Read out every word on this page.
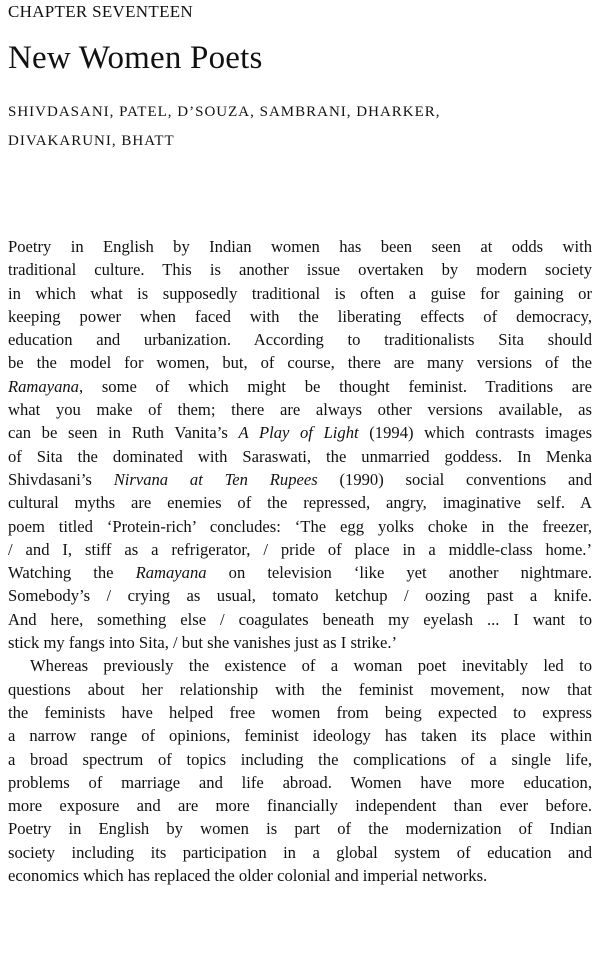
CHAPTER SEVENTEEN

New Women Poets

SHIVDASANI, PATEL, D’SOUZA, SAMBRANI, DHARKER, DIVAKARUNI, BHATT

Poetry in English by Indian women has been seen at odds with
traditional culture. This is another issue overtaken by modern society
in which what is supposedly traditional is often a guise for gaining or
keeping power when faced with the liberating effects of democracy,
education and urbanization. According to traditionalists Sita should
be the model for women, but, of course, there are many versions of the
Ramayana, some of which might be thought feminist. Traditions are
what you make of them; there are always other versions available, as
can be seen in Ruth Vanita’s A Play of Light (1994) which contrasts images
of Sita the dominated with Saraswati, the unmarried goddess. In Menka
Shivdasani’s Nirvana at Ten Rupees (1990) social conventions and
cultural myths are enemies of the repressed, angry, imaginative self. A
poem titled ‘Protein-rich’ concludes: ‘The egg yolks choke in the freezer,
/ and I, stiff as a refrigerator, / pride of place in a middle-class home.’
Watching the Ramayana on television ‘like yet another nightmare.
Somebody’s / crying as usual, tomato ketchup / oozing past a knife.
And here, something else / coagulates beneath my eyelash ... I want to
stick my fangs into Sita, / but she vanishes just as I strike.’
Whereas previously the existence of a woman poet inevitably led to
questions about her relationship with the feminist movement, now that
the feminists have helped free women from being expected to express
a narrow range of opinions, feminist ideology has taken its place within
a broad spectrum of topics including the complications of a single life,
problems of marriage and life abroad. Women have more education,
more exposure and are more financially independent than ever before.
Poetry in English by women is part of the modernization of Indian
society including its participation in a global system of education and
economics which has replaced the older colonial and imperial networks.
